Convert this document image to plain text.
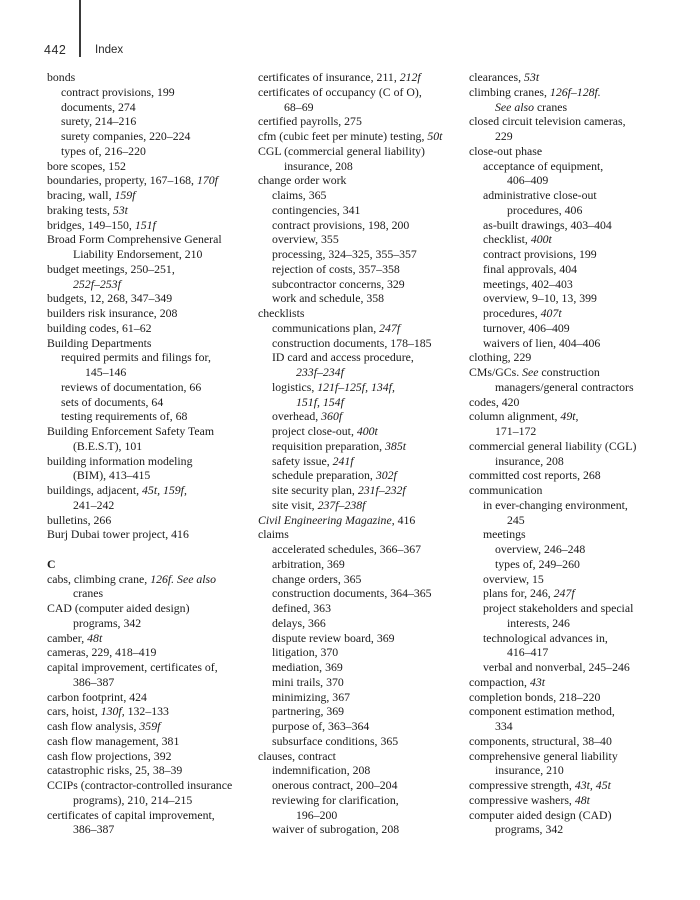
442 Index
bonds
contract provisions, 199
documents, 274
surety, 214–216
surety companies, 220–224
types of, 216–220
bore scopes, 152
boundaries, property, 167–168, 170f
bracing, wall, 159f
braking tests, 53t
bridges, 149–150, 151f
Broad Form Comprehensive General
Liability Endorsement, 210
budget meetings, 250–251,
252f–253f
budgets, 12, 268, 347–349
builders risk insurance, 208
building codes, 61–62
Building Departments
required permits and filings for,
145–146
reviews of documentation, 66
sets of documents, 64
testing requirements of, 68
Building Enforcement Safety Team
(B.E.S.T), 101
building information modeling
(BIM), 413–415
buildings, adjacent, 45t, 159f,
241–242
bulletins, 266
Burj Dubai tower project, 416
C
cabs, climbing crane, 126f. See also
cranes
CAD (computer aided design)
programs, 342
camber, 48t
cameras, 229, 418–419
capital improvement, certificates of,
386–387
carbon footprint, 424
cars, hoist, 130f, 132–133
cash flow analysis, 359f
cash flow management, 381
cash flow projections, 392
catastrophic risks, 25, 38–39
CCIPs (contractor-controlled insurance
programs), 210, 214–215
certificates of capital improvement,
386–387
certificates of insurance, 211, 212f
certificates of occupancy (C of O),
68–69
certified payrolls, 275
cfm (cubic feet per minute) testing, 50t
CGL (commercial general liability)
insurance, 208
change order work
claims, 365
contingencies, 341
contract provisions, 198, 200
overview, 355
processing, 324–325, 355–357
rejection of costs, 357–358
subcontractor concerns, 329
work and schedule, 358
checklists
communications plan, 247f
construction documents, 178–185
ID card and access procedure,
233f–234f
logistics, 121f–125f, 134f,
151f, 154f
overhead, 360f
project close-out, 400t
requisition preparation, 385t
safety issue, 241f
schedule preparation, 302f
site security plan, 231f–232f
site visit, 237f–238f
Civil Engineering Magazine, 416
claims
accelerated schedules, 366–367
arbitration, 369
change orders, 365
construction documents, 364–365
defined, 363
delays, 366
dispute review board, 369
litigation, 370
mediation, 369
mini trails, 370
minimizing, 367
partnering, 369
purpose of, 363–364
subsurface conditions, 365
clauses, contract
indemnification, 208
onerous contract, 200–204
reviewing for clarification,
196–200
waiver of subrogation, 208
clearances, 53t
climbing cranes, 126f–128f.
See also cranes
closed circuit television cameras,
229
close-out phase
acceptance of equipment,
406–409
administrative close-out
procedures, 406
as-built drawings, 403–404
checklist, 400t
contract provisions, 199
final approvals, 404
meetings, 402–403
overview, 9–10, 13, 399
procedures, 407t
turnover, 406–409
waivers of lien, 404–406
clothing, 229
CMs/GCs. See construction
managers/general contractors
codes, 420
column alignment, 49t,
171–172
commercial general liability (CGL)
insurance, 208
committed cost reports, 268
communication
in ever-changing environment,
245
meetings
overview, 246–248
types of, 249–260
overview, 15
plans for, 246, 247f
project stakeholders and special
interests, 246
technological advances in,
416–417
verbal and nonverbal, 245–246
compaction, 43t
completion bonds, 218–220
component estimation method,
334
components, structural, 38–40
comprehensive general liability
insurance, 210
compressive strength, 43t, 45t
compressive washers, 48t
computer aided design (CAD)
programs, 342
